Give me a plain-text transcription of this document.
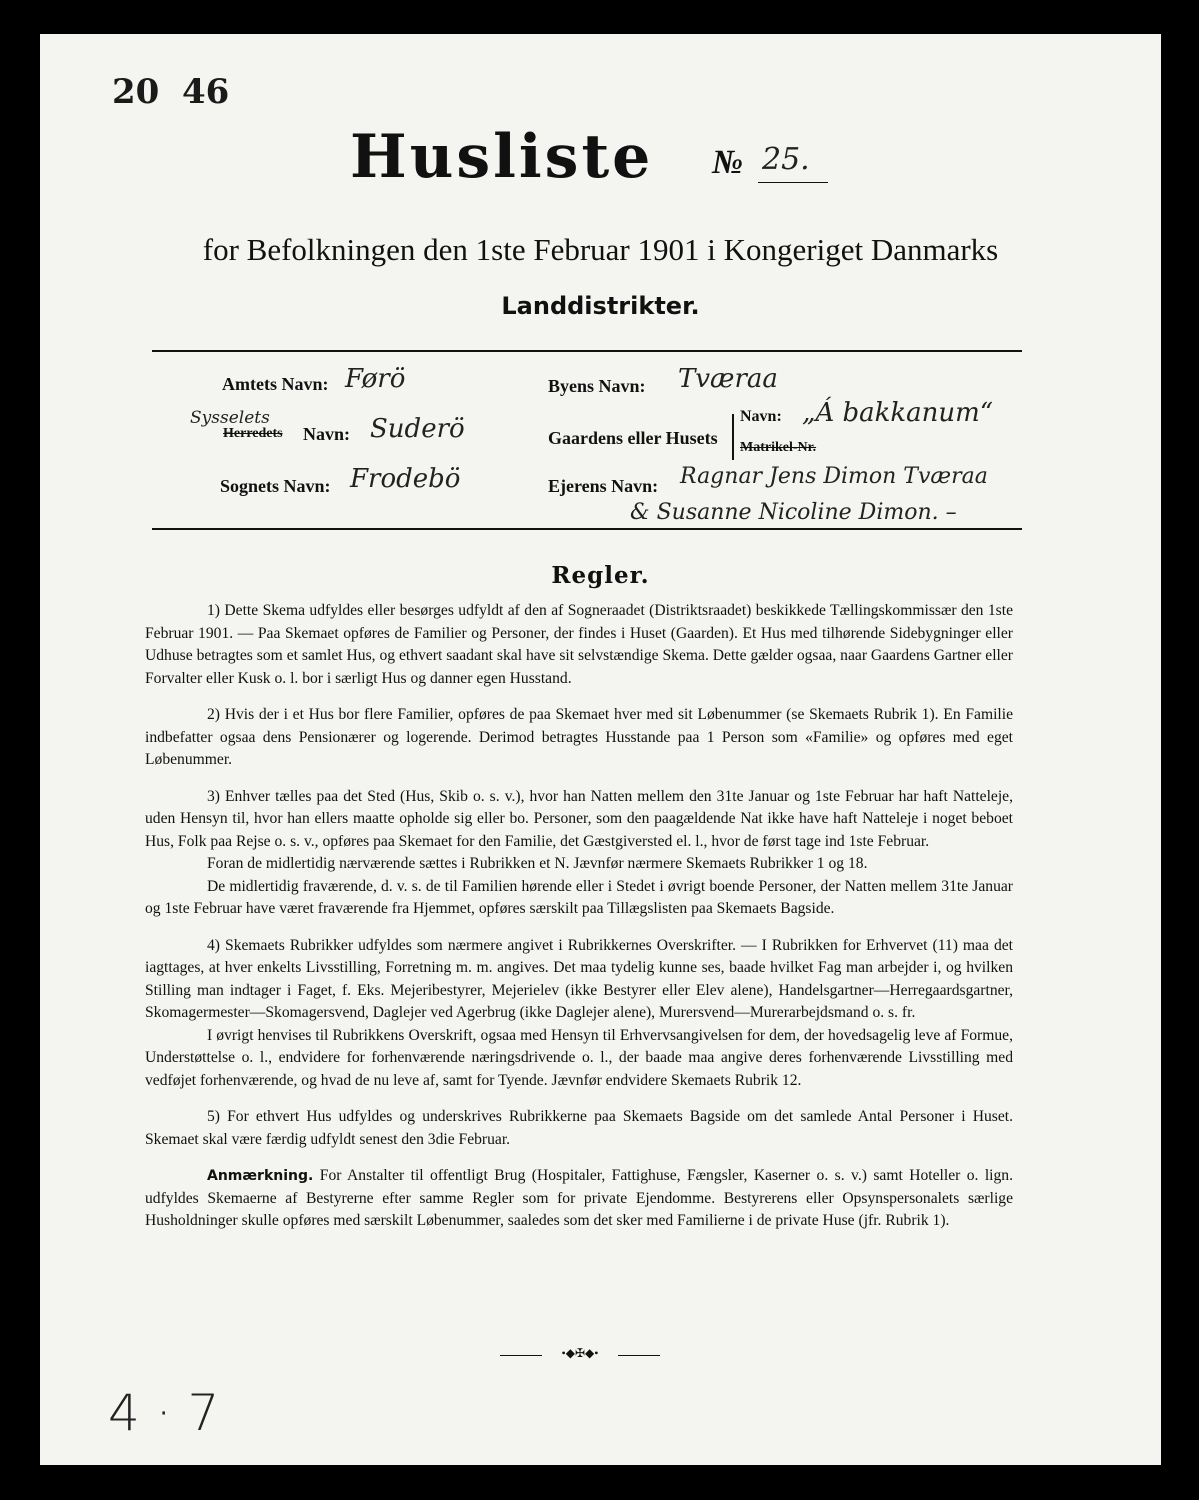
20 46
Husliste № 25.
for Befolkningen den 1ste Februar 1901 i Kongeriget Danmarks
Landdistrikter.
Amtets Navn: Førö
Sysselets
Herredets Navn: Suderö
Sognets Navn: Frodebö
Byens Navn: Tværaa
Gaardens eller Husets
Navn: „Á bakkanum“
Matrikel-Nr.
Ejerens Navn: Ragnar Jens Dimon Tværaa
& Susanne Nicoline Dimon. –
Regler.

1) Dette Skema udfyldes eller besørges udfyldt af den af Sogneraadet (Distriktsraadet) beskikkede Tællingskommissær den 1ste Februar 1901. — Paa Skemaet opføres de Familier og Personer, der findes i Huset (Gaarden). Et Hus med tilhørende Sidebygninger eller Udhuse betragtes som et samlet Hus, og ethvert saadant skal have sit selvstændige Skema. Dette gælder ogsaa, naar Gaardens Gartner eller Forvalter eller Kusk o. l. bor i særligt Hus og danner egen Husstand.

2) Hvis der i et Hus bor flere Familier, opføres de paa Skemaet hver med sit Løbenummer (se Skemaets Rubrik 1). En Familie indbefatter ogsaa dens Pensionærer og logerende. Derimod betragtes Husstande paa 1 Person som «Familie» og opføres med eget Løbenummer.

3) Enhver tælles paa det Sted (Hus, Skib o. s. v.), hvor han Natten mellem den 31te Januar og 1ste Februar har haft Natteleje, uden Hensyn til, hvor han ellers maatte opholde sig eller bo. Personer, som den paagældende Nat ikke have haft Natteleje i noget beboet Hus, Folk paa Rejse o. s. v., opføres paa Skemaet for den Familie, det Gæstgiversted el. l., hvor de først tage ind 1ste Februar.

Foran de midlertidig nærværende sættes i Rubrikken et N. Jævnfør nærmere Skemaets Rubrikker 1 og 18.

De midlertidig fraværende, d. v. s. de til Familien hørende eller i Stedet i øvrigt boende Personer, der Natten mellem 31te Januar og 1ste Februar have været fraværende fra Hjemmet, opføres særskilt paa Tillægslisten paa Skemaets Bagside.

4) Skemaets Rubrikker udfyldes som nærmere angivet i Rubrikkernes Overskrifter. — I Rubrikken for Erhvervet (11) maa det iagttages, at hver enkelts Livsstilling, Forretning m. m. angives. Det maa tydelig kunne ses, baade hvilket Fag man arbejder i, og hvilken Stilling man indtager i Faget, f. Eks. Mejeribestyrer, Mejerielev (ikke Bestyrer eller Elev alene), Handelsgartner—Herregaardsgartner, Skomagermester—Skomagersvend, Daglejer ved Agerbrug (ikke Daglejer alene), Murersvend—Murerarbejdsmand o. s. fr.

I øvrigt henvises til Rubrikkens Overskrift, ogsaa med Hensyn til Erhvervsangivelsen for dem, der hovedsagelig leve af Formue, Understøttelse o. l., endvidere for forhenværende næringsdrivende o. l., der baade maa angive deres forhenværende Livsstilling med vedføjet forhenværende, og hvad de nu leve af, samt for Tyende. Jævnfør endvidere Skemaets Rubrik 12.

5) For ethvert Hus udfyldes og underskrives Rubrikkerne paa Skemaets Bagside om det samlede Antal Personer i Huset. Skemaet skal være færdig udfyldt senest den 3die Februar.

Anmærkning. For Anstalter til offentligt Brug (Hospitaler, Fattighuse, Fængsler, Kaserner o. s. v.) samt Hoteller o. lign. udfyldes Skemaerne af Bestyrerne efter samme Regler som for private Ejendomme. Bestyrerens eller Opsynspersonalets særlige Husholdninger skulle opføres med særskilt Løbenummer, saaledes som det sker med Familierne i de private Huse (jfr. Rubrik 1).

•◆✠◆•
4 · 7
